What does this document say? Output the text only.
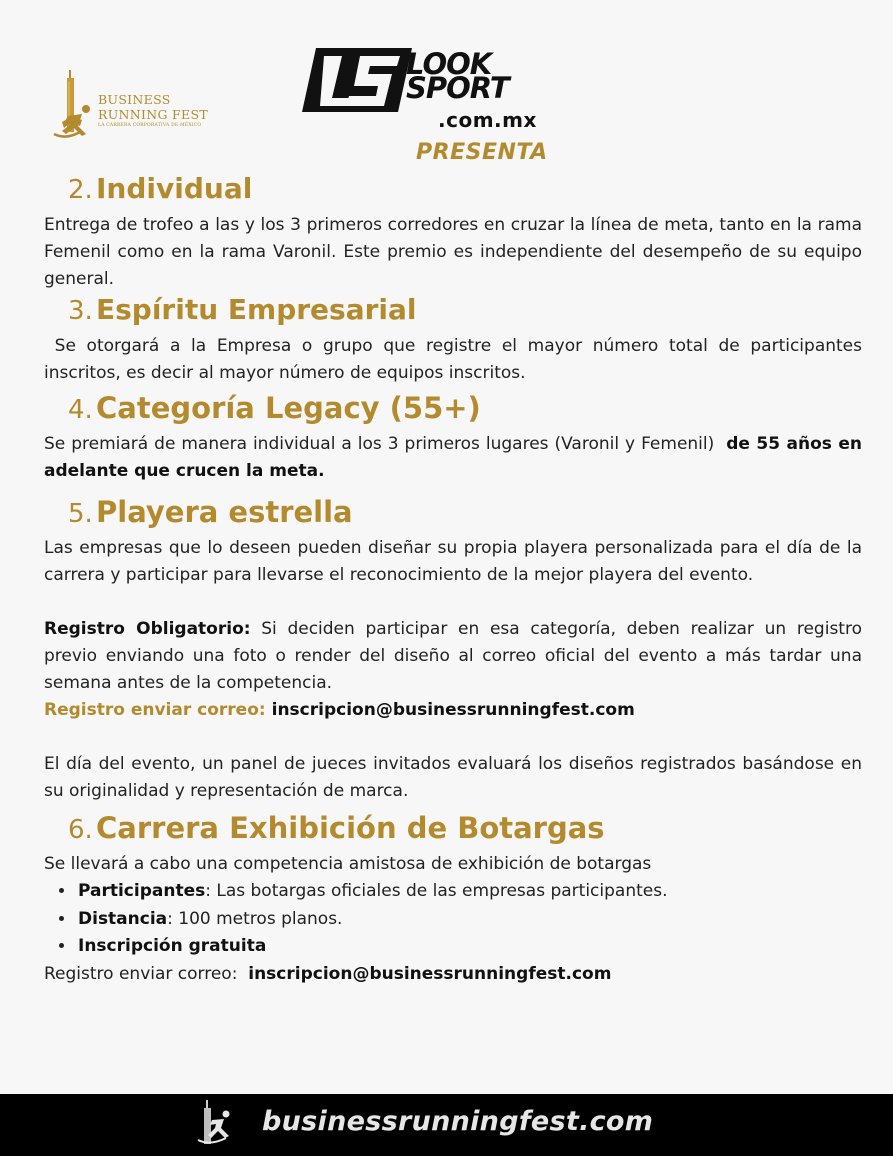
BUSINESS
RUNNING FEST
LA CARRERA CORPORATIVA DE MÉXICO
LOOK
SPORT
.com.mx
PRESENTA
2. Individual

Entrega de trofeo a las y los 3 primeros corredores en cruzar la línea de meta, tanto en la rama Femenil como en la rama Varonil. Este premio es independiente del desempeño de su equipo general.

3. Espíritu Empresarial

Se otorgará a la Empresa o grupo que registre el mayor número total de participantes inscritos, es decir al mayor número de equipos inscritos.

4. Categoría Legacy (55+)

Se premiará de manera individual a los 3 primeros lugares (Varonil y Femenil)  de 55 años en adelante que crucen la meta.

5. Playera estrella

Las empresas que lo deseen pueden diseñar su propia playera personalizada para el día de la carrera y participar para llevarse el reconocimiento de la mejor playera del evento.

Registro Obligatorio: Si deciden participar en esa categoría, deben realizar un registro previo enviando una foto o render del diseño al correo oficial del evento a más tardar una semana antes de la competencia.

Registro enviar correo: inscripcion@businessrunningfest.com

El día del evento, un panel de jueces invitados evaluará los diseños registrados basándose en su originalidad y representación de marca.

6. Carrera Exhibición de Botargas

Se llevará a cabo una competencia amistosa de exhibición de botargas

• Participantes: Las botargas oficiales de las empresas participantes.
• Distancia: 100 metros planos.
• Inscripción gratuita

Registro enviar correo:  inscripcion@businessrunningfest.com

businessrunningfest.com
